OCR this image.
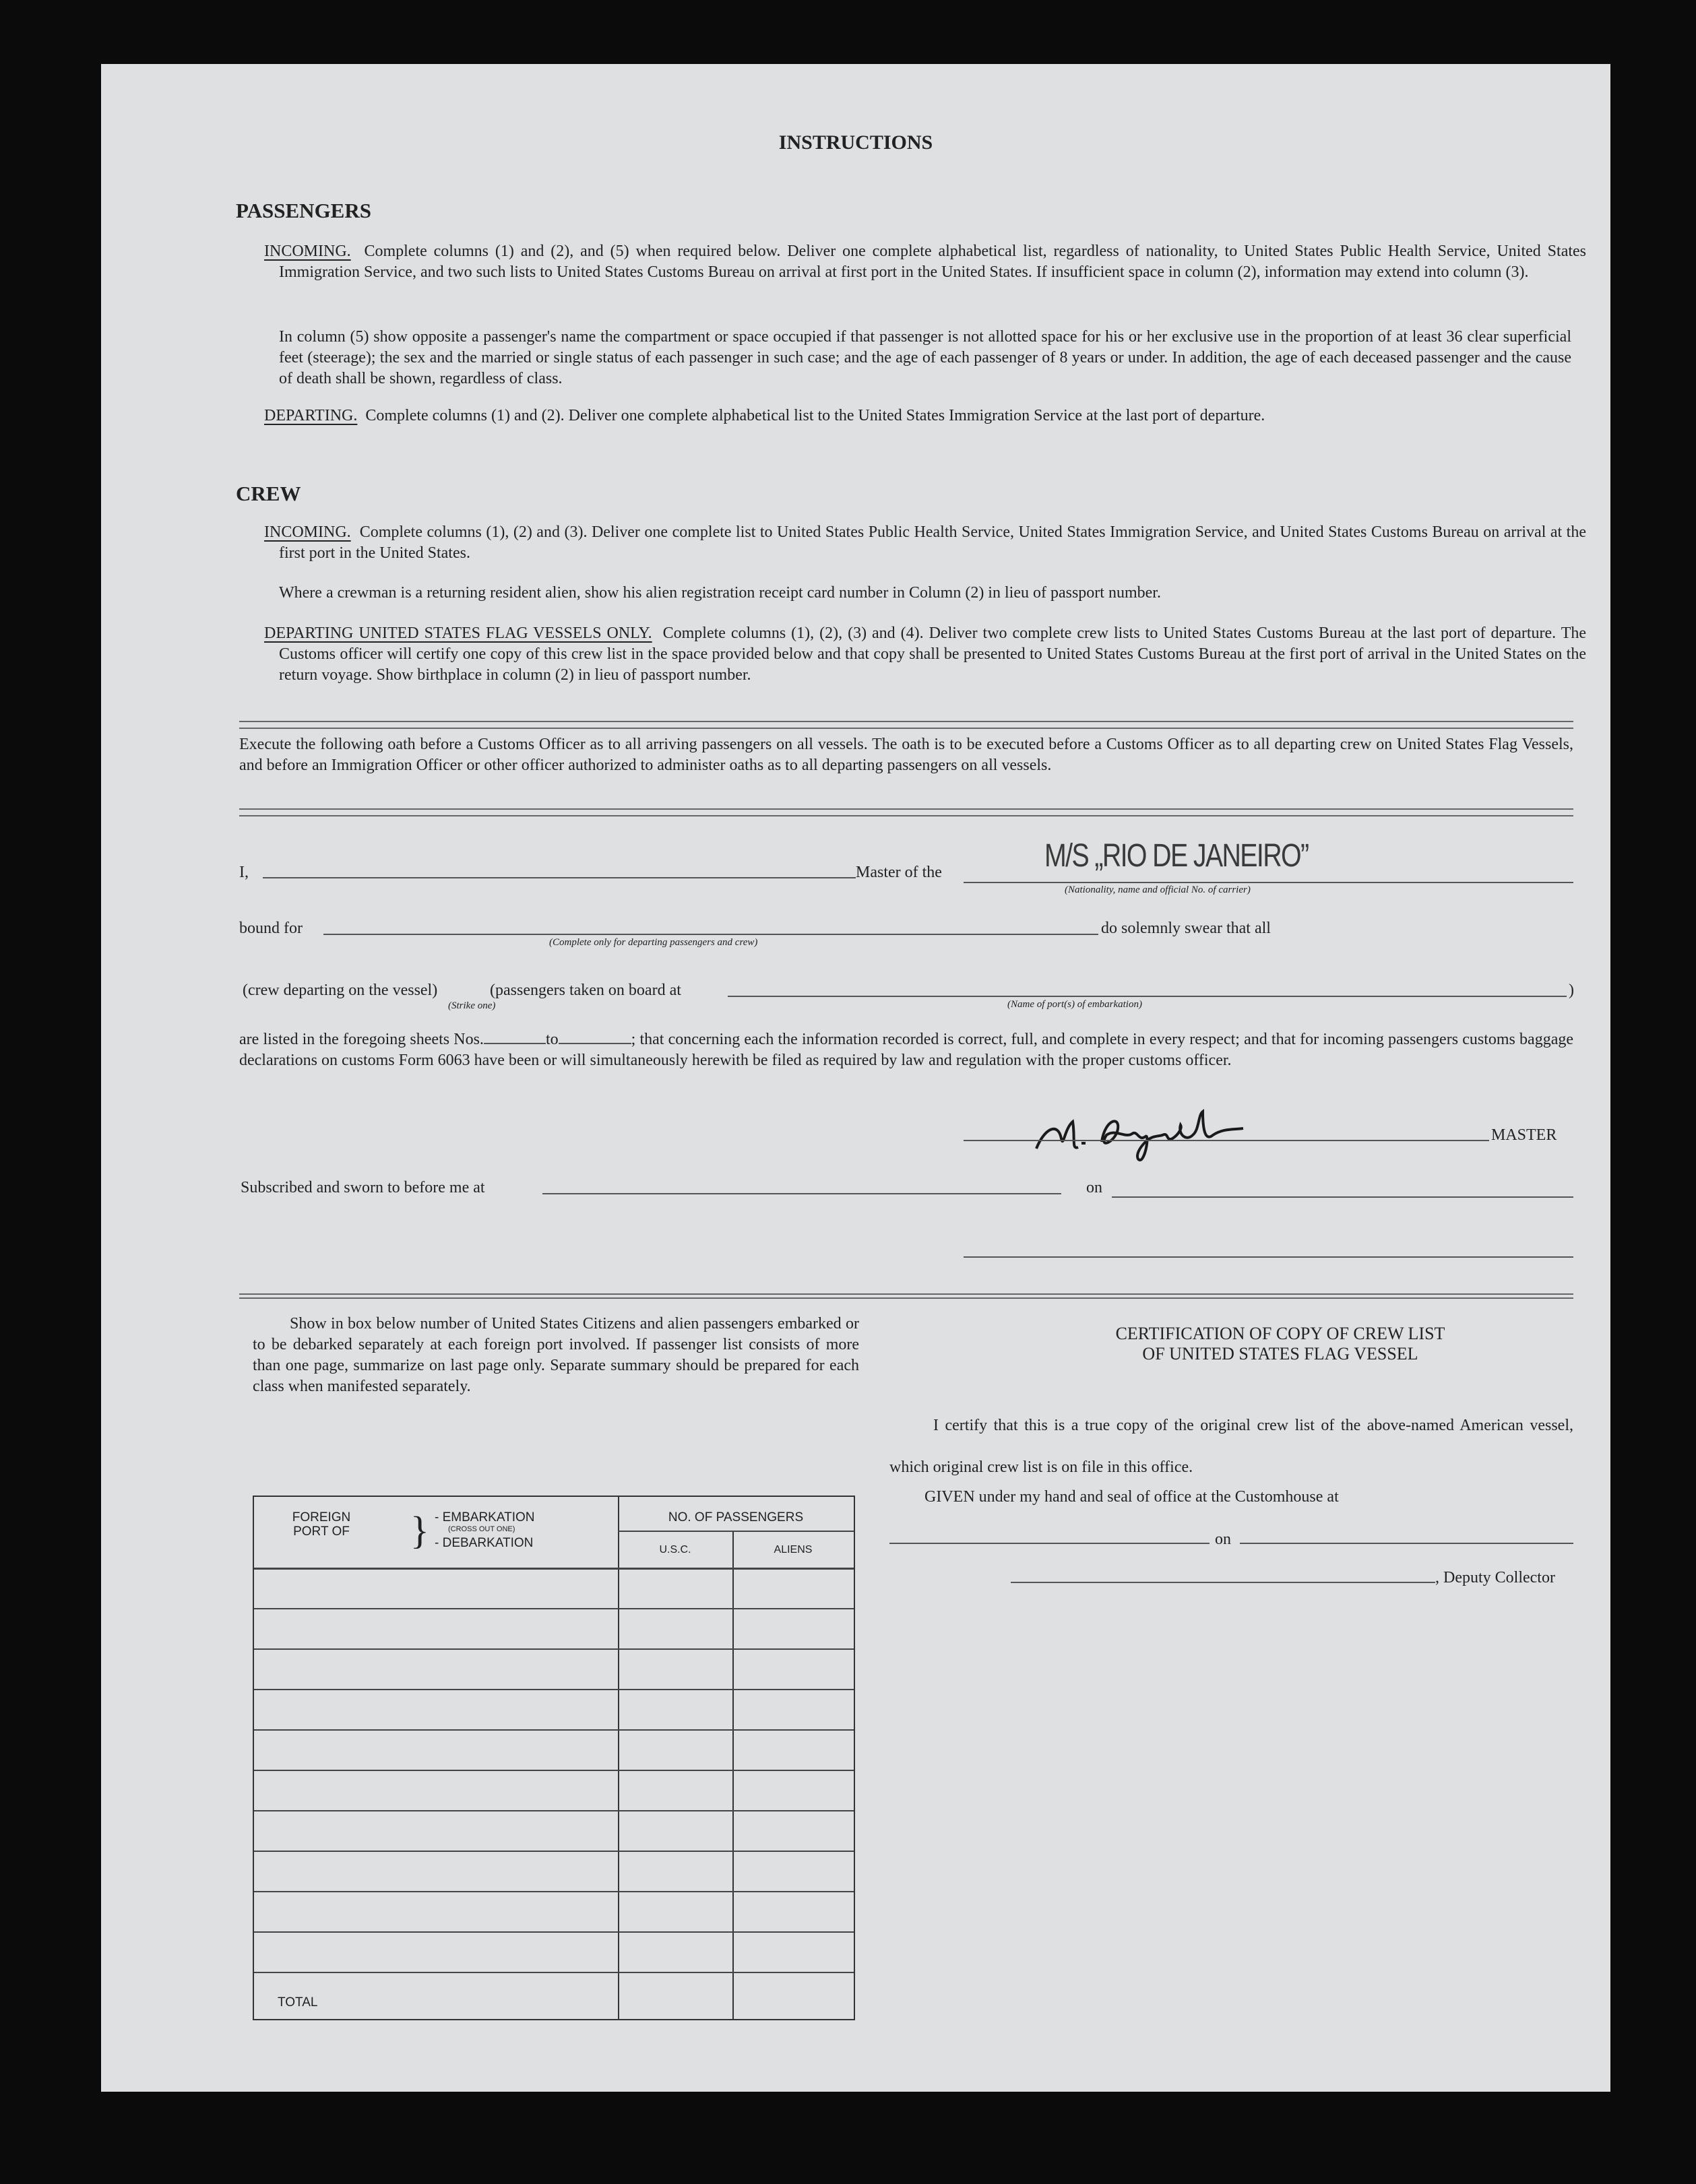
INSTRUCTIONS
PASSENGERS
INCOMING. Complete columns (1) and (2), and (5) when required below. Deliver one complete alphabetical list, regardless of nationality, to United States Public Health Service, United States Immigration Service, and two such lists to United States Customs Bureau on arrival at first port in the United States. If insufficient space in column (2), information may extend into column (3).
In column (5) show opposite a passenger's name the compartment or space occupied if that passenger is not allotted space for his or her exclusive use in the proportion of at least 36 clear superficial feet (steerage); the sex and the married or single status of each passenger in such case; and the age of each passenger of 8 years or under. In addition, the age of each deceased passenger and the cause of death shall be shown, regardless of class.
DEPARTING. Complete columns (1) and (2). Deliver one complete alphabetical list to the United States Immigration Service at the last port of departure.
CREW
INCOMING. Complete columns (1), (2) and (3). Deliver one complete list to United States Public Health Service, United States Immigration Service, and United States Customs Bureau on arrival at the first port in the United States.
Where a crewman is a returning resident alien, show his alien registration receipt card number in Column (2) in lieu of passport number.
DEPARTING UNITED STATES FLAG VESSELS ONLY. Complete columns (1), (2), (3) and (4). Deliver two complete crew lists to United States Customs Bureau at the last port of departure. The Customs officer will certify one copy of this crew list in the space provided below and that copy shall be presented to United States Customs Bureau at the first port of arrival in the United States on the return voyage. Show birthplace in column (2) in lieu of passport number.
Execute the following oath before a Customs Officer as to all arriving passengers on all vessels. The oath is to be executed before a Customs Officer as to all departing crew on United States Flag Vessels, and before an Immigration Officer or other officer authorized to administer oaths as to all departing passengers on all vessels.
I,	Master of the	M/S „RIO DE JANEIRO”
(Nationality, name and official No. of carrier)
bound for
(Complete only for departing passengers and crew)
do solemnly swear that all
(crew departing on the vessel)
(Strike one)
(passengers taken on board at	)
(Name of port(s) of embarkation)
are listed in the foregoing sheets Nos.	to	; that concerning each the information recorded is correct, full, and complete in every respect; and that for incoming passengers customs baggage declarations on customs Form 6063 have been or will simultaneously herewith be filed as required by law and regulation with the proper customs officer.
MASTER
Subscribed and sworn to before me at	on
Show in box below number of United States Citizens and alien passengers embarked or to be debarked separately at each foreign port involved. If passenger list consists of more than one page, summarize on last page only. Separate summary should be prepared for each class when manifested separately.
FOREIGN PORT OF	} - EMBARKATION
(CROSS OUT ONE)
- DEBARKATION
NO. OF PASSENGERS
U.S.C.	ALIENS
TOTAL
CERTIFICATION OF COPY OF CREW LIST
OF UNITED STATES FLAG VESSEL
I certify that this is a true copy of the original crew list of the above-named American vessel, which original crew list is on file in this office.
GIVEN under my hand and seal of office at the Customhouse at
on
, Deputy Collector
